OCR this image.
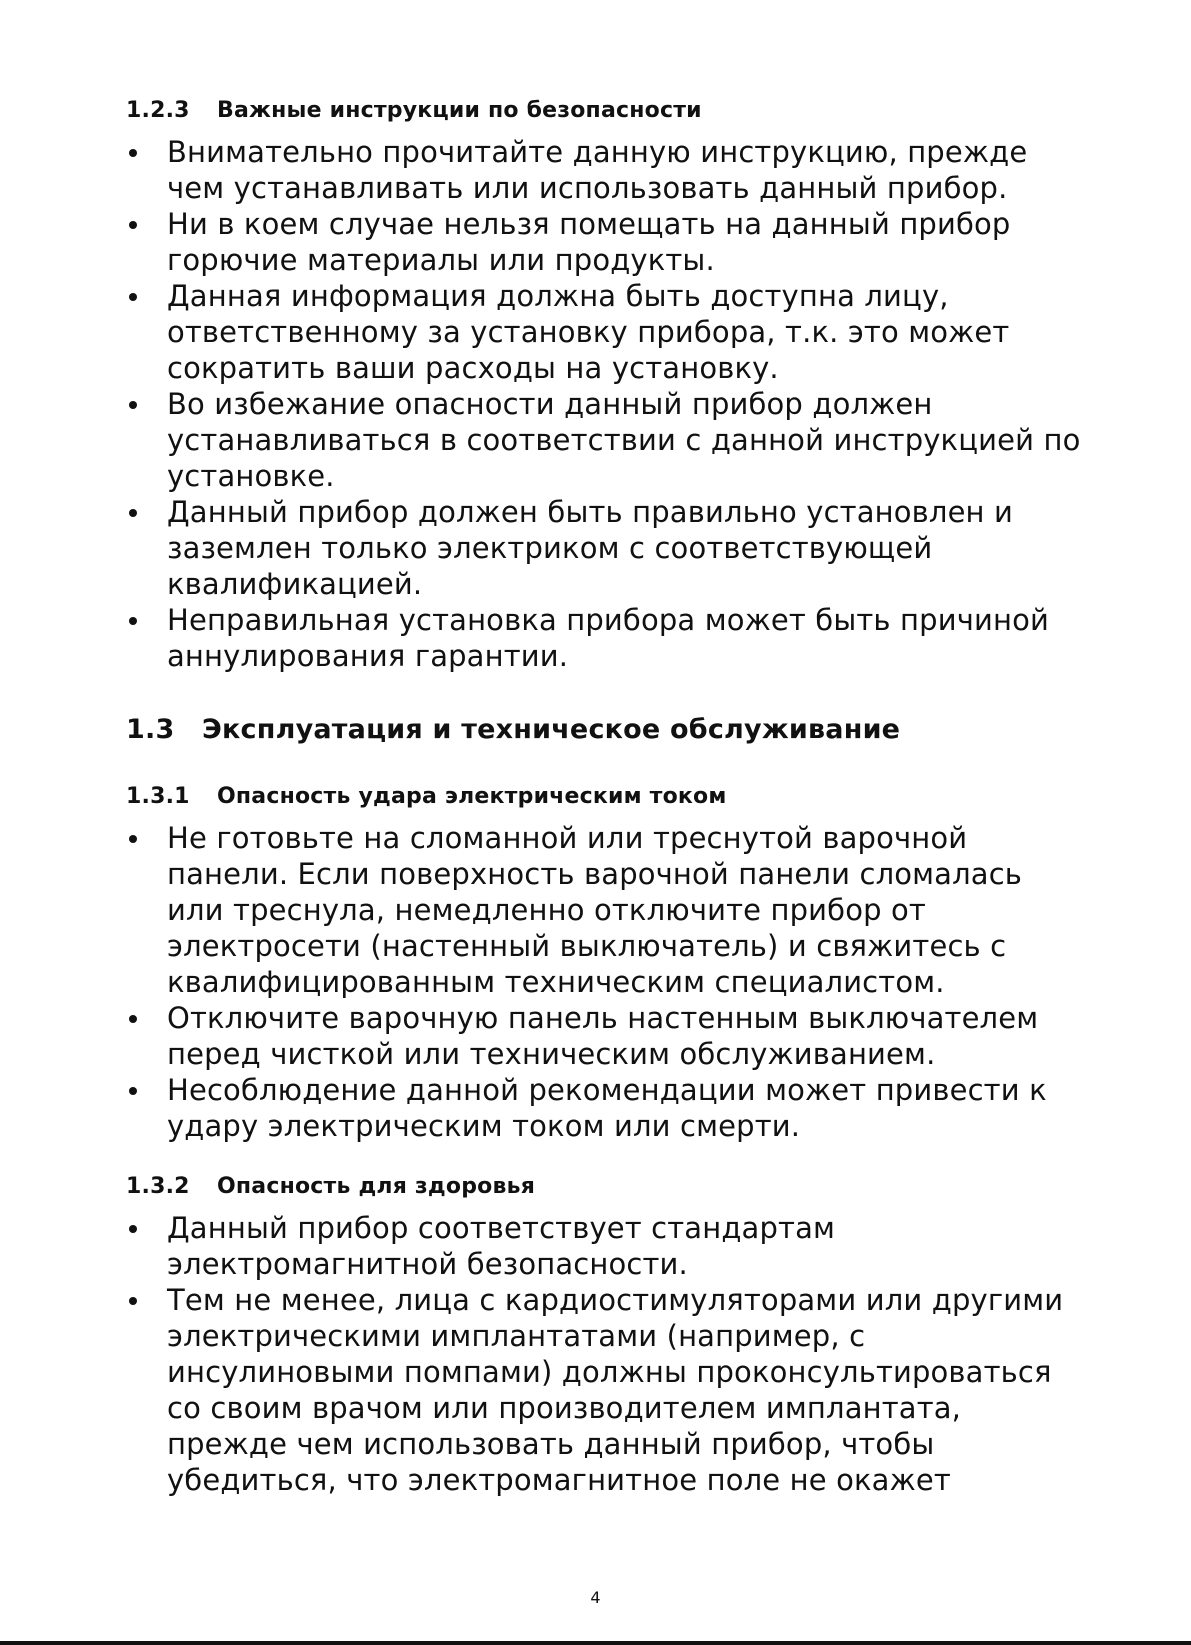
1.2.3 Важные инструкции по безопасности
Внимательно прочитайте данную инструкцию, прежде чем устанавливать или использовать данный прибор.
Ни в коем случае нельзя помещать на данный прибор горючие материалы или продукты.
Данная информация должна быть доступна лицу, ответственному за установку прибора, т.к. это может сократить ваши расходы на установку.
Во избежание опасности данный прибор должен устанавливаться в соответствии с данной инструкцией по установке.
Данный прибор должен быть правильно установлен и заземлен только электриком с соответствующей квалификацией.
Неправильная установка прибора может быть причиной аннулирования гарантии.
1.3 Эксплуатация и техническое обслуживание
1.3.1 Опасность удара электрическим током
Не готовьте на сломанной или треснутой варочной панели. Если поверхность варочной панели сломалась или треснула, немедленно отключите прибор от электросети (настенный выключатель) и свяжитесь с квалифицированным техническим специалистом.
Отключите варочную панель настенным выключателем перед чисткой или техническим обслуживанием.
Несоблюдение данной рекомендации может привести к удару электрическим током или смерти.
1.3.2 Опасность для здоровья
Данный прибор соответствует стандартам электромагнитной безопасности.
Тем не менее, лица с кардиостимуляторами или другими электрическими имплантатами (например, с инсулиновыми помпами) должны проконсультироваться со своим врачом или производителем имплантата, прежде чем использовать данный прибор, чтобы убедиться, что электромагнитное поле не окажет
4
